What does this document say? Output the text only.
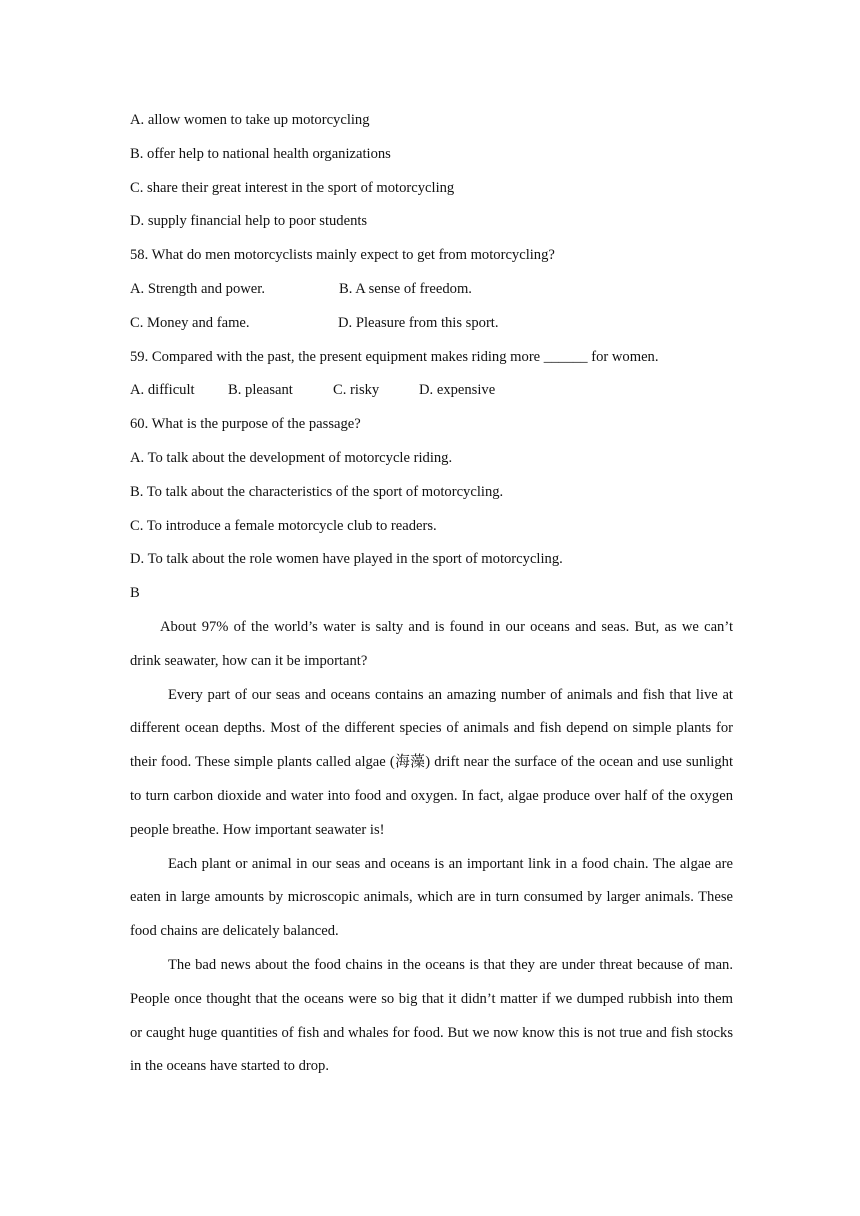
A. allow women to take up motorcycling
B. offer help to national health organizations
C. share their great interest in the sport of motorcycling
D. supply financial help to poor students
58. What do men motorcyclists mainly expect to get from motorcycling?
A. Strength and power.	B. A sense of freedom.
C. Money and fame.	D. Pleasure from this sport.
59. Compared with the past, the present equipment makes riding more ______ for women.
A. difficult	B. pleasant	C. risky	D. expensive
60. What is the purpose of the passage?
A. To talk about the development of motorcycle riding.
B. To talk about the characteristics of the sport of motorcycling.
C. To introduce a female motorcycle club to readers.
D. To talk about the role women have played in the sport of motorcycling.
B

About 97% of the world’s water is salty and is found in our oceans and seas. But, as we can’t drink seawater, how can it be important?

Every part of our seas and oceans contains an amazing number of animals and fish that live at different ocean depths. Most of the different species of animals and fish depend on simple plants for their food. These simple plants called algae (海藻) drift near the surface of the ocean and use sunlight to turn carbon dioxide and water into food and oxygen. In fact, algae produce over half of the oxygen people breathe. How important seawater is!

Each plant or animal in our seas and oceans is an important link in a food chain. The algae are eaten in large amounts by microscopic animals, which are in turn consumed by larger animals. These food chains are delicately balanced.

The bad news about the food chains in the oceans is that they are under threat because of man. People once thought that the oceans were so big that it didn’t matter if we dumped rubbish into them or caught huge quantities of fish and whales for food. But we now know this is not true and fish stocks in the oceans have started to drop.
